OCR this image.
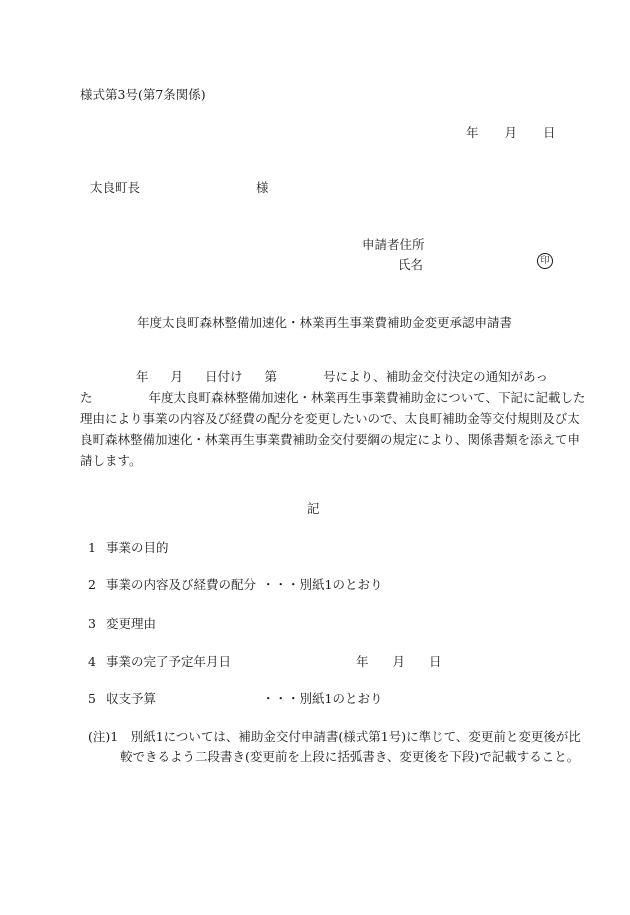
様式第3号(第7条関係)
年 月 日
太良町長	様
申請者住所
氏名	印
年度太良町森林整備加速化・林業再生事業費補助金変更承認申請書
年 月 日付け 第	号により、補助金交付決定の通知があっ
た	年度太良町森林整備加速化・林業再生事業費補助金について、下記に記載した
理由により事業の内容及び経費の配分を変更したいので、太良町補助金等交付規則及び太
良町森林整備加速化・林業再生事業費補助金交付要綱の規定により、関係書類を添えて申
請します。
記
1 事業の目的
2 事業の内容及び経費の配分 ・・・別紙1のとおり
3 変更理由
4 事業の完了予定年月日	年 月 日
5 収支予算	・・・別紙1のとおり
(注)1　別紙1については、補助金交付申請書(様式第1号)に準じて、変更前と変更後が比
較できるよう二段書き(変更前を上段に括弧書き、変更後を下段)で記載すること。
